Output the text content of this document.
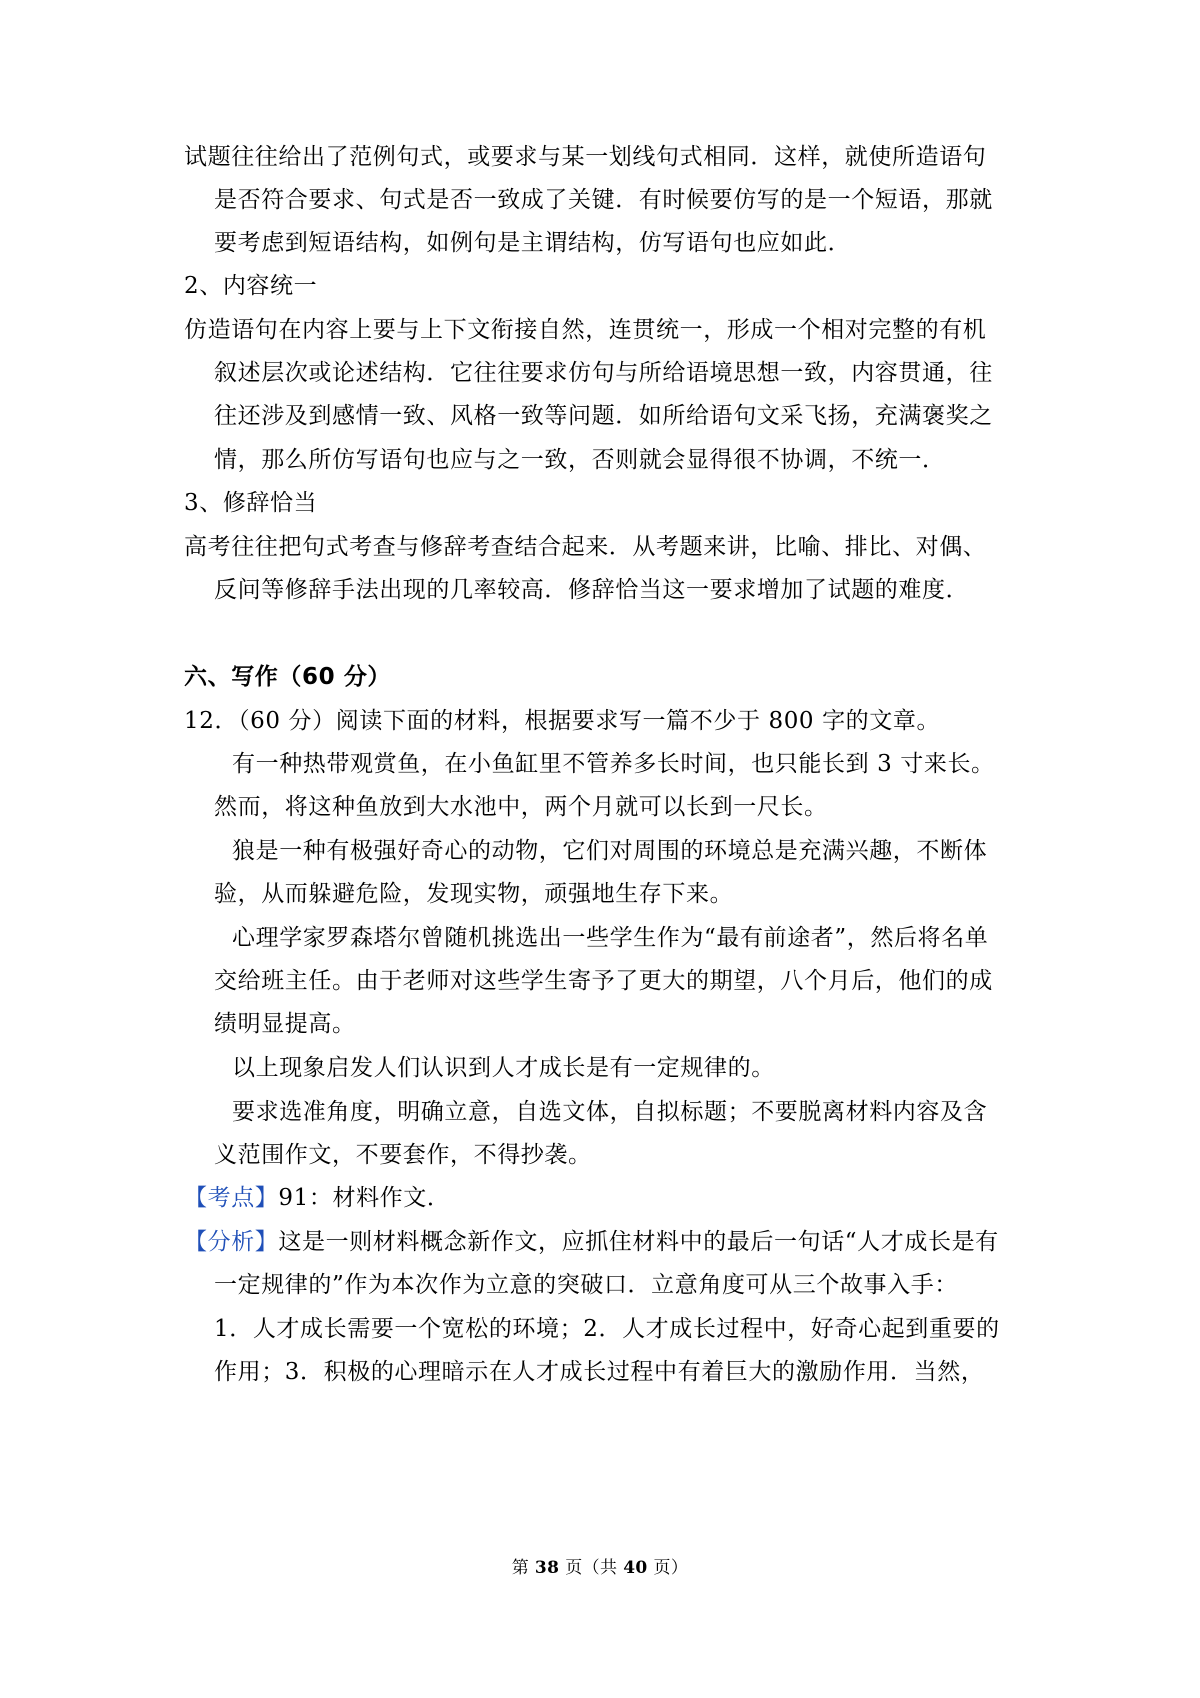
试题往往给出了范例句式，或要求与某一划线句式相同．这样，就使所造语句
是否符合要求、句式是否一致成了关键．有时候要仿写的是一个短语，那就
要考虑到短语结构，如例句是主谓结构，仿写语句也应如此．
2、内容统一
仿造语句在内容上要与上下文衔接自然，连贯统一，形成一个相对完整的有机
叙述层次或论述结构．它往往要求仿句与所给语境思想一致，内容贯通，往
往还涉及到感情一致、风格一致等问题．如所给语句文采飞扬，充满褒奖之
情，那么所仿写语句也应与之一致，否则就会显得很不协调，不统一．
3、修辞恰当
高考往往把句式考查与修辞考查结合起来．从考题来讲，比喻、排比、对偶、
反问等修辞手法出现的几率较高．修辞恰当这一要求增加了试题的难度．
六、写作（60 分）
12．（60 分）阅读下面的材料，根据要求写一篇不少于 800 字的文章。
有一种热带观赏鱼，在小鱼缸里不管养多长时间，也只能长到 3 寸来长。
然而，将这种鱼放到大水池中，两个月就可以长到一尺长。
狼是一种有极强好奇心的动物，它们对周围的环境总是充满兴趣，不断体
验，从而躲避危险，发现实物，顽强地生存下来。
心理学家罗森塔尔曾随机挑选出一些学生作为“最有前途者”，然后将名单
交给班主任。由于老师对这些学生寄予了更大的期望，八个月后，他们的成
绩明显提高。
以上现象启发人们认识到人才成长是有一定规律的。
要求选准角度，明确立意，自选文体，自拟标题；不要脱离材料内容及含
义范围作文，不要套作，不得抄袭。
【考点】91：材料作文．
【分析】这是一则材料概念新作文，应抓住材料中的最后一句话“人才成长是有
一定规律的”作为本次作为立意的突破口．立意角度可从三个故事入手：
1．人才成长需要一个宽松的环境；2．人才成长过程中，好奇心起到重要的
作用；3．积极的心理暗示在人才成长过程中有着巨大的激励作用．当然，
第 38 页（共 40 页）
